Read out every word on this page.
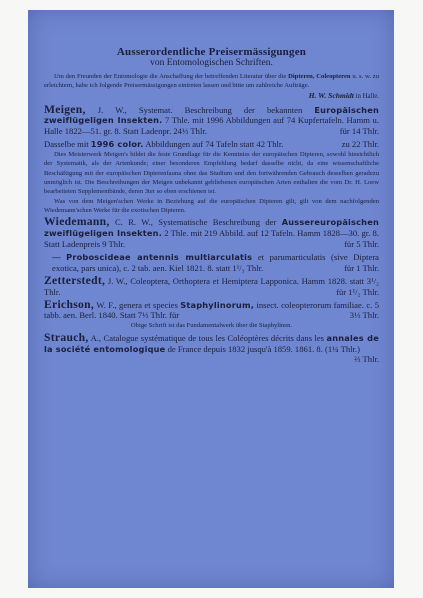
Ausserordentliche Preisermässigungen
von Entomologischen Schriften.
Um den Freunden der Entomologie die Anschaffung der betreffenden Literatur über die Dipteren, Coleopteren u. s. w. zu erleichtern, habe ich folgende Preisermässigungen eintreten lassen und bitte um zahlreiche Aufträge.
H. W. Schmidt in Halle.
Meigen, J. W., Systemat. Beschreibung der bekannten Europäischen zweiflügeligen Insekten. 7 Thle. mit 1996 Abbildungen auf 74 Kupfertafeln. Hamm u. Halle 1822—51. gr. 8. Statt Ladenpr. 24⅓ Thlr.	für 14 Thlr.
Dasselbe mit 1996 color. Abbildungen auf 74 Tafeln statt 42 Thlr.	zu 22 Thlr.
Dies Meisterwerk Meigen's bildet die feste Grundlage für die Kenntniss der europäischen Dipteren, sowohl hinsichtlich der Systematik, als der Artenkunde; einer besonderen Empfehlung bedarf dasselbe nicht, da eine wissenschaftliche Beschäftigung mit der europäischen Dipterenfauna ohne das Studium und den fortwährenden Gebrauch desselben geradezu unmöglich ist. Die Beschreibungen der Meigen unbekannt gebliebenen europäischen Arten enthalten die vom Dr. H. Loew bearbeiteten Supplementbände, deren 3ter so eben erschienen ist.
Was von dem Meigen'schen Werke in Beziehung auf die europäischen Dipteren gilt, gilt von dem nachfolgenden Wiedemann'schen Werke für die exotischen Dipteren.
Wiedemann, C. R. W., Systematische Beschreibung der Aussereuropäischen zweiflügeligen Insekten. 2 Thle. mit 219 Abbild. auf 12 Tafeln. Hamm 1828—30. gr. 8. Statt Ladenpreis 9 Thlr.	für 5 Thlr.
— Proboscideae antennis multiarculatis et parumarticulatis (sive Diptera exotica, pars unica), c. 2 tab. aen. Kiel 1821. 8. statt 1¹/₃ Thlr.	für 1 Thlr.
Zetterstedt, J. W., Coleoptera, Orthoptera et Hemiptera Lapponica. Hamm 1828. statt 3¹/₂ Thlr.	für 1¹/₂ Thlr.
Erichson, W. F., genera et species Staphylinorum, insect. coleopterorum familiae. c. 5 tabb. aen. Berl. 1840. Statt 7⅓ Thlr. für	3⅓ Thlr.
Obige Schrift ist das Fundamentalwerk über die Staphylinen.
Strauch, A., Catalogue systématique de tous les Coléoptères décrits dans les annales de la société entomologique de France depuis 1832 jusqu'à 1859. 1861. 8. (1¼ Thlr.)
⅔ Thlr.
